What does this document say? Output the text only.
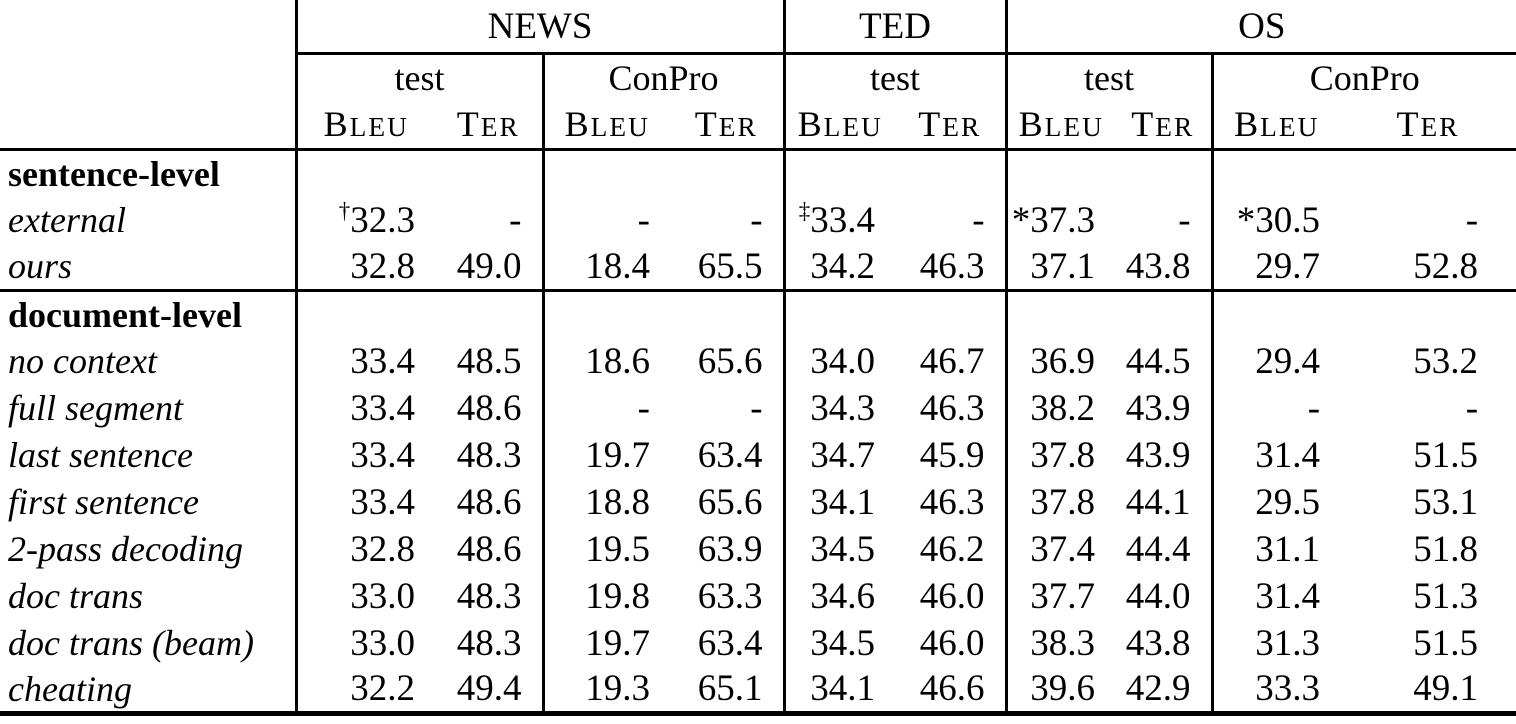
	NEWS				TED		OS			
	test		ConPro		test		test		ConPro	
	BLEU	TER	BLEU	TER	BLEU	TER	BLEU	TER	BLEU	TER
sentence-level										
external	†32.3	-	-	-	‡33.4	-	*37.3	-	*30.5	-
ours	32.8	49.0	18.4	65.5	34.2	46.3	37.1	43.8	29.7	52.8
document-level										
no context	33.4	48.5	18.6	65.6	34.0	46.7	36.9	44.5	29.4	53.2
full segment	33.4	48.6	-	-	34.3	46.3	38.2	43.9	-	-
last sentence	33.4	48.3	19.7	63.4	34.7	45.9	37.8	43.9	31.4	51.5
first sentence	33.4	48.6	18.8	65.6	34.1	46.3	37.8	44.1	29.5	53.1
2-pass decoding	32.8	48.6	19.5	63.9	34.5	46.2	37.4	44.4	31.1	51.8
doc trans	33.0	48.3	19.8	63.3	34.6	46.0	37.7	44.0	31.4	51.3
doc trans (beam)	33.0	48.3	19.7	63.4	34.5	46.0	38.3	43.8	31.3	51.5
cheating	32.2	49.4	19.3	65.1	34.1	46.6	39.6	42.9	33.3	49.1
